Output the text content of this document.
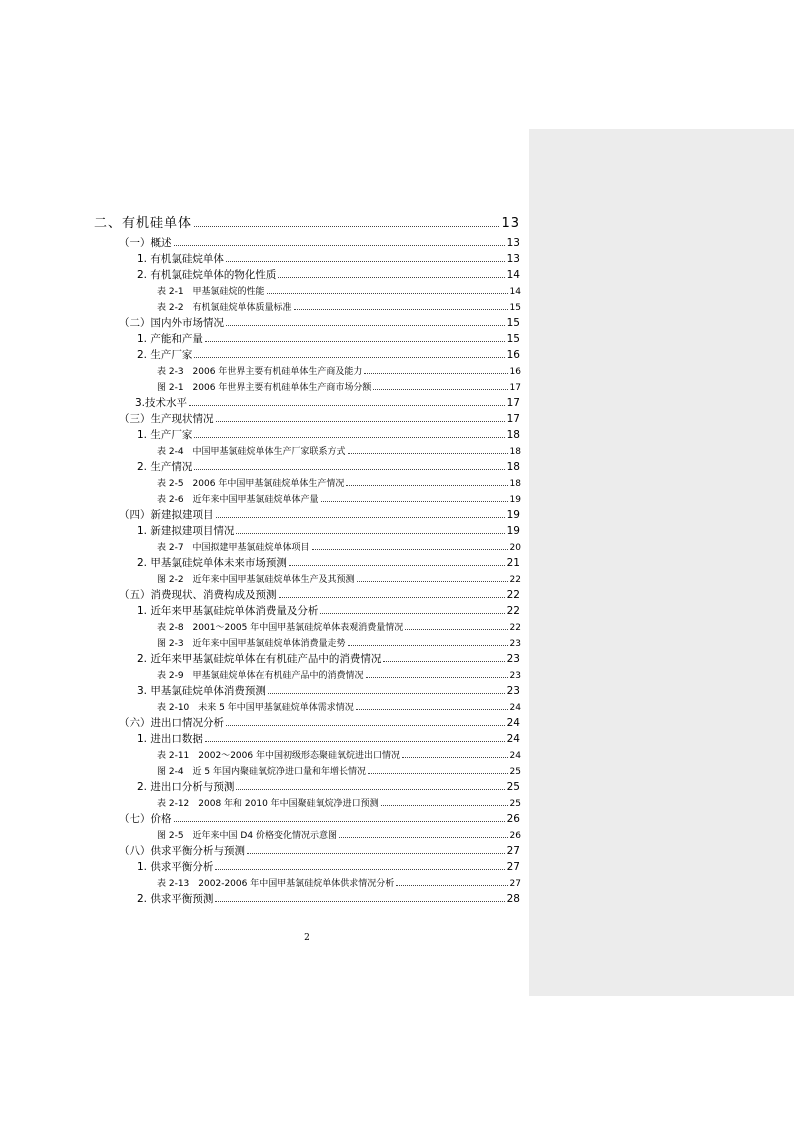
二、有机硅单体	13
（一）概述	13
1. 有机氯硅烷单体	13
2. 有机氯硅烷单体的物化性质	14
表 2-1　甲基氯硅烷的性能	14
表 2-2　有机氯硅烷单体质量标准	15
（二）国内外市场情况	15
1. 产能和产量	15
2. 生产厂家	16
表 2-3　2006 年世界主要有机硅单体生产商及能力	16
图 2-1　2006 年世界主要有机硅单体生产商市场分额	17
3.技术水平	17
（三）生产现状情况	17
1. 生产厂家	18
表 2-4　中国甲基氯硅烷单体生产厂家联系方式	18
2. 生产情况	18
表 2-5　2006 年中国甲基氯硅烷单体生产情况	18
表 2-6　近年来中国甲基氯硅烷单体产量	19
（四）新建拟建项目	19
1. 新建拟建项目情况	19
表 2-7　中国拟建甲基氯硅烷单体项目	20
2. 甲基氯硅烷单体未来市场预测	21
图 2-2　近年来中国甲基氯硅烷单体生产及其预测	22
（五）消费现状、消费构成及预测	22
1. 近年来甲基氯硅烷单体消费量及分析	22
表 2-8　2001～2005 年中国甲基氯硅烷单体表观消费量情况	22
图 2-3　近年来中国甲基氯硅烷单体消费量走势	23
2. 近年来甲基氯硅烷单体在有机硅产品中的消费情况	23
表 2-9　甲基氯硅烷单体在有机硅产品中的消费情况	23
3. 甲基氯硅烷单体消费预测	23
表 2-10　未来 5 年中国甲基氯硅烷单体需求情况	24
（六）进出口情况分析	24
1. 进出口数据	24
表 2-11　2002～2006 年中国初级形态聚硅氧烷进出口情况	24
图 2-4　近 5 年国内聚硅氧烷净进口量和年增长情况	25
2. 进出口分析与预测	25
表 2-12　2008 年和 2010 年中国聚硅氧烷净进口预测	25
（七）价格	26
图 2-5　近年来中国 D4 价格变化情况示意图	26
（八）供求平衡分析与预测	27
1. 供求平衡分析	27
表 2-13　2002-2006 年中国甲基氯硅烷单体供求情况分析	27
2. 供求平衡预测	28
2
